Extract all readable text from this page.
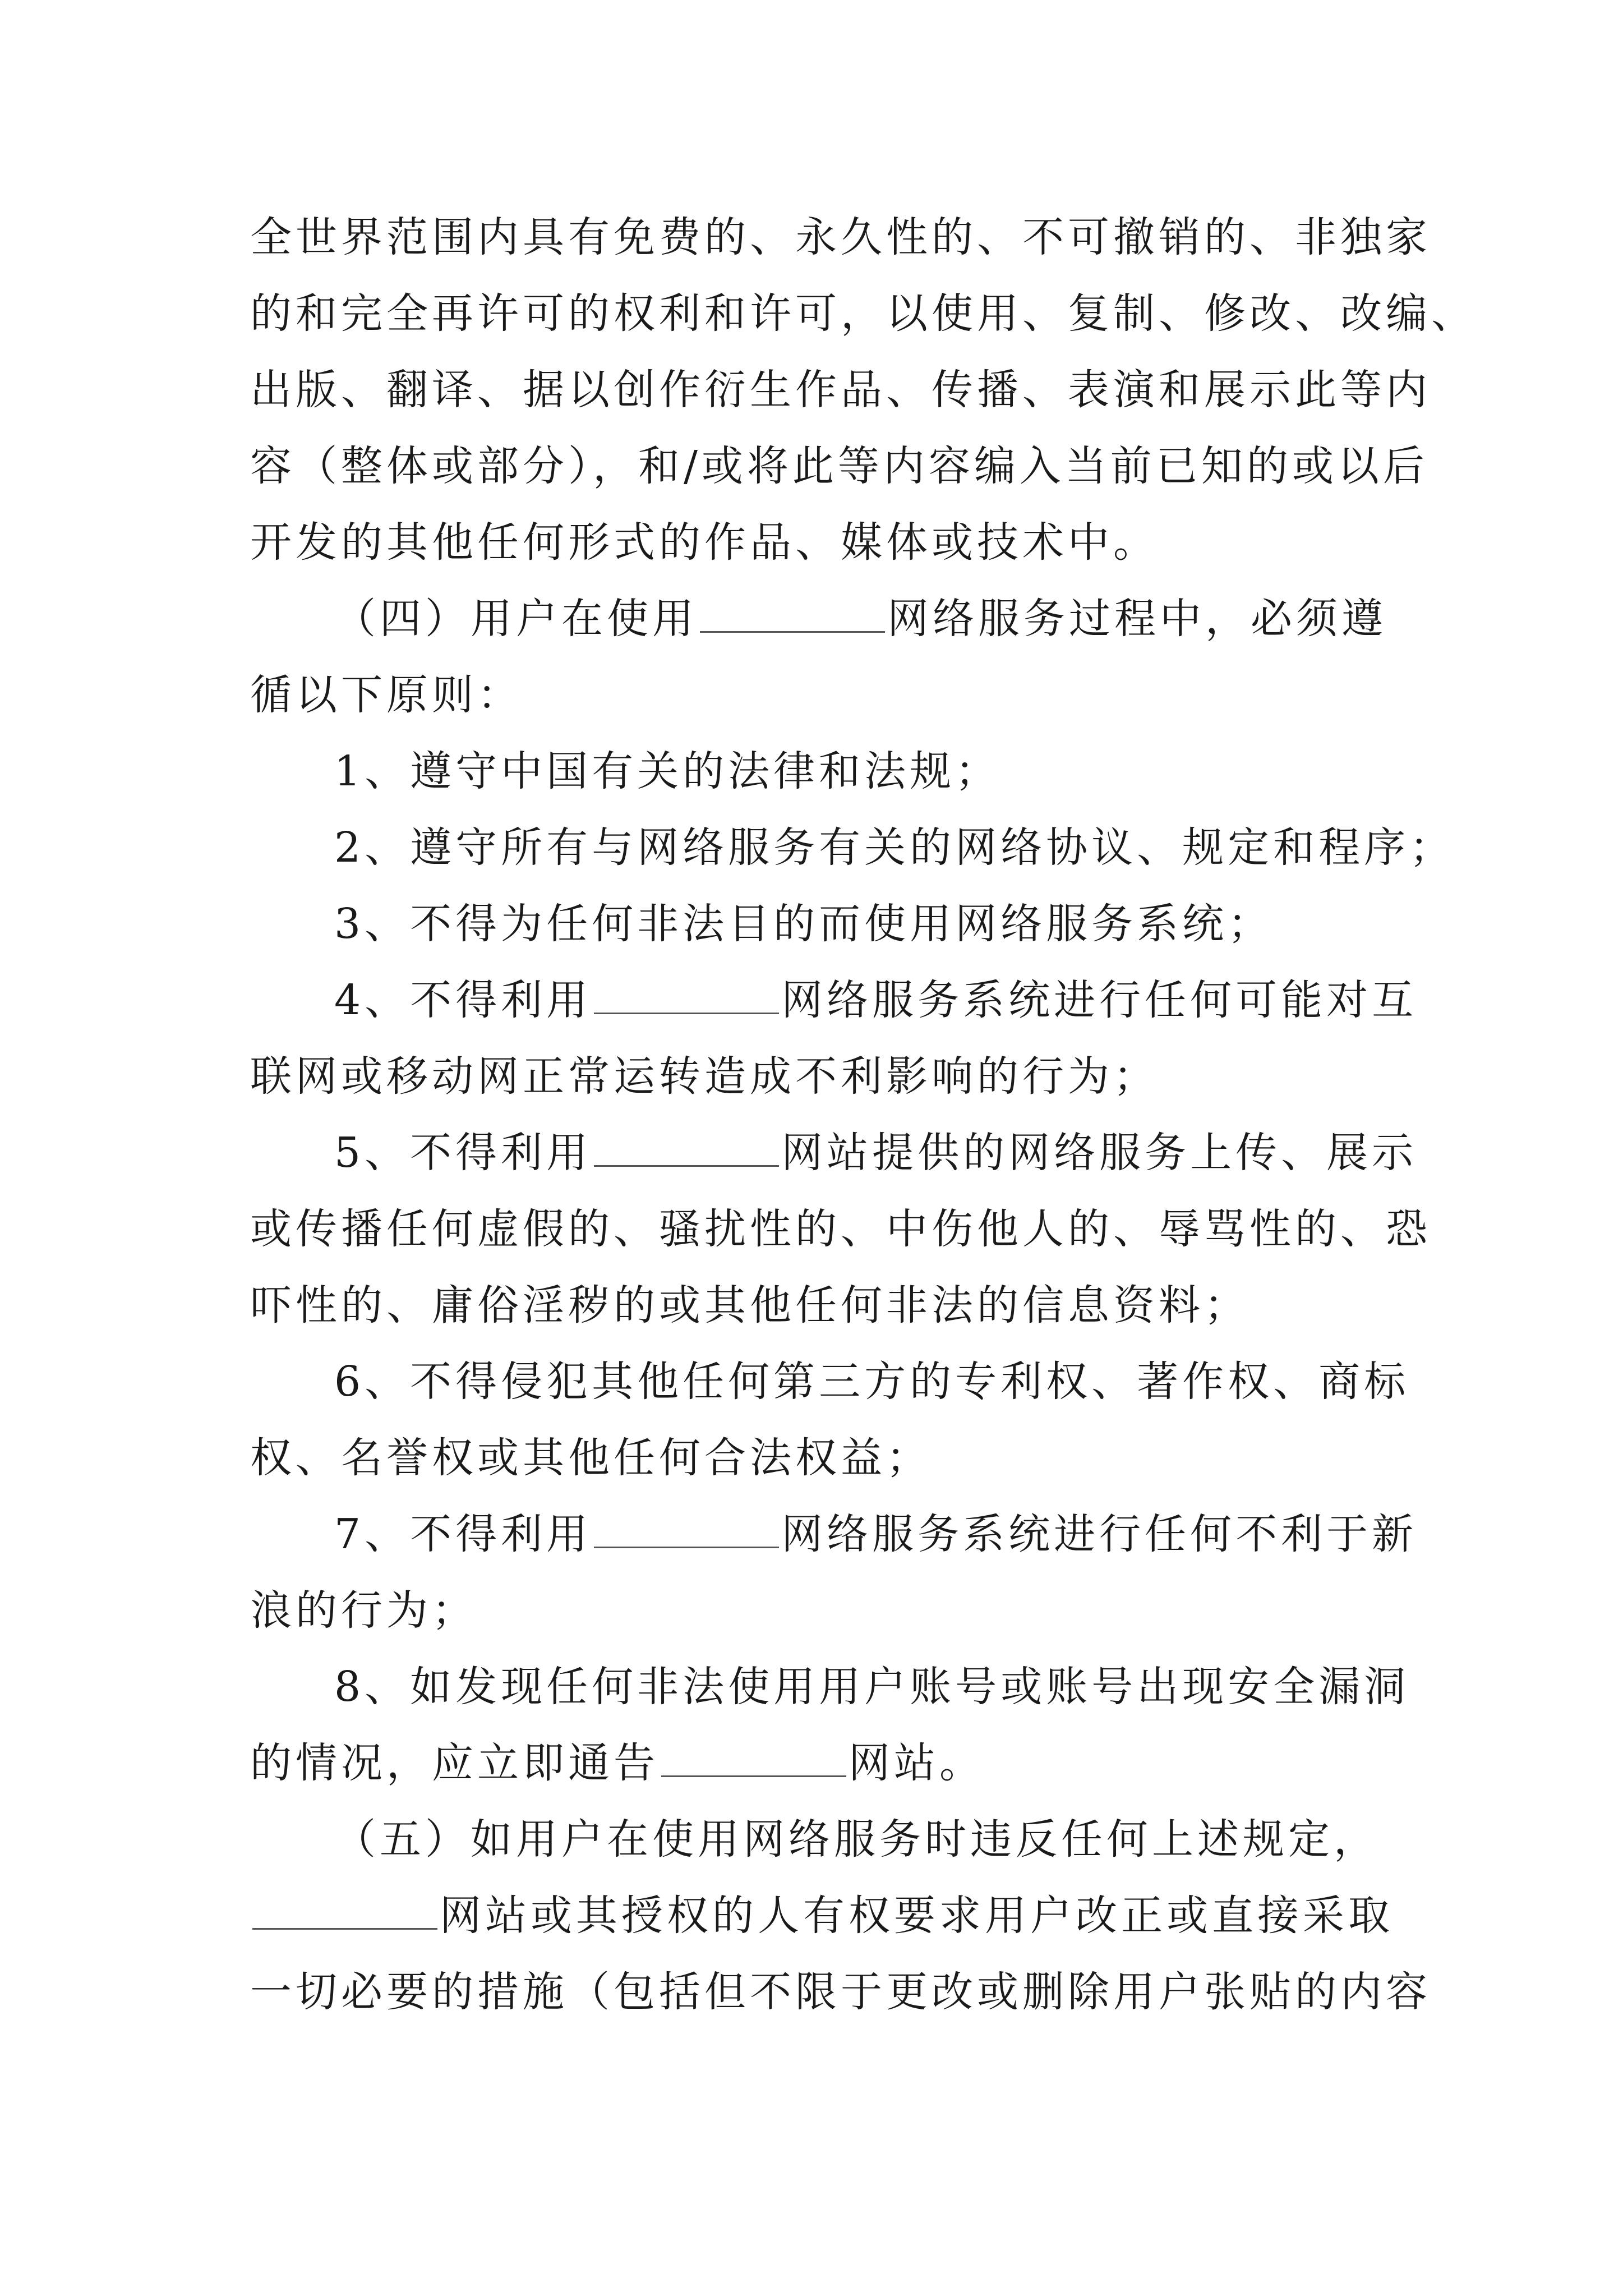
全世界范围内具有免费的、永久性的、不可撤销的、非独家
的和完全再许可的权利和许可，以使用、复制、修改、改编、
出版、翻译、据以创作衍生作品、传播、表演和展示此等内
容（整体或部分），和/或将此等内容编入当前已知的或以后
开发的其他任何形式的作品、媒体或技术中。
（四）用户在使用	网络服务过程中，必须遵
循以下原则：
1、遵守中国有关的法律和法规；
2、遵守所有与网络服务有关的网络协议、规定和程序；
3、不得为任何非法目的而使用网络服务系统；
4、不得利用	网络服务系统进行任何可能对互
联网或移动网正常运转造成不利影响的行为；
5、不得利用	网站提供的网络服务上传、展示
或传播任何虚假的、骚扰性的、中伤他人的、辱骂性的、恐
吓性的、庸俗淫秽的或其他任何非法的信息资料；
6、不得侵犯其他任何第三方的专利权、著作权、商标
权、名誉权或其他任何合法权益；
7、不得利用	网络服务系统进行任何不利于新
浪的行为；
8、如发现任何非法使用用户账号或账号出现安全漏洞
的情况，应立即通告	网站。
（五）如用户在使用网络服务时违反任何上述规定，
网站或其授权的人有权要求用户改正或直接采取
一切必要的措施（包括但不限于更改或删除用户张贴的内容
